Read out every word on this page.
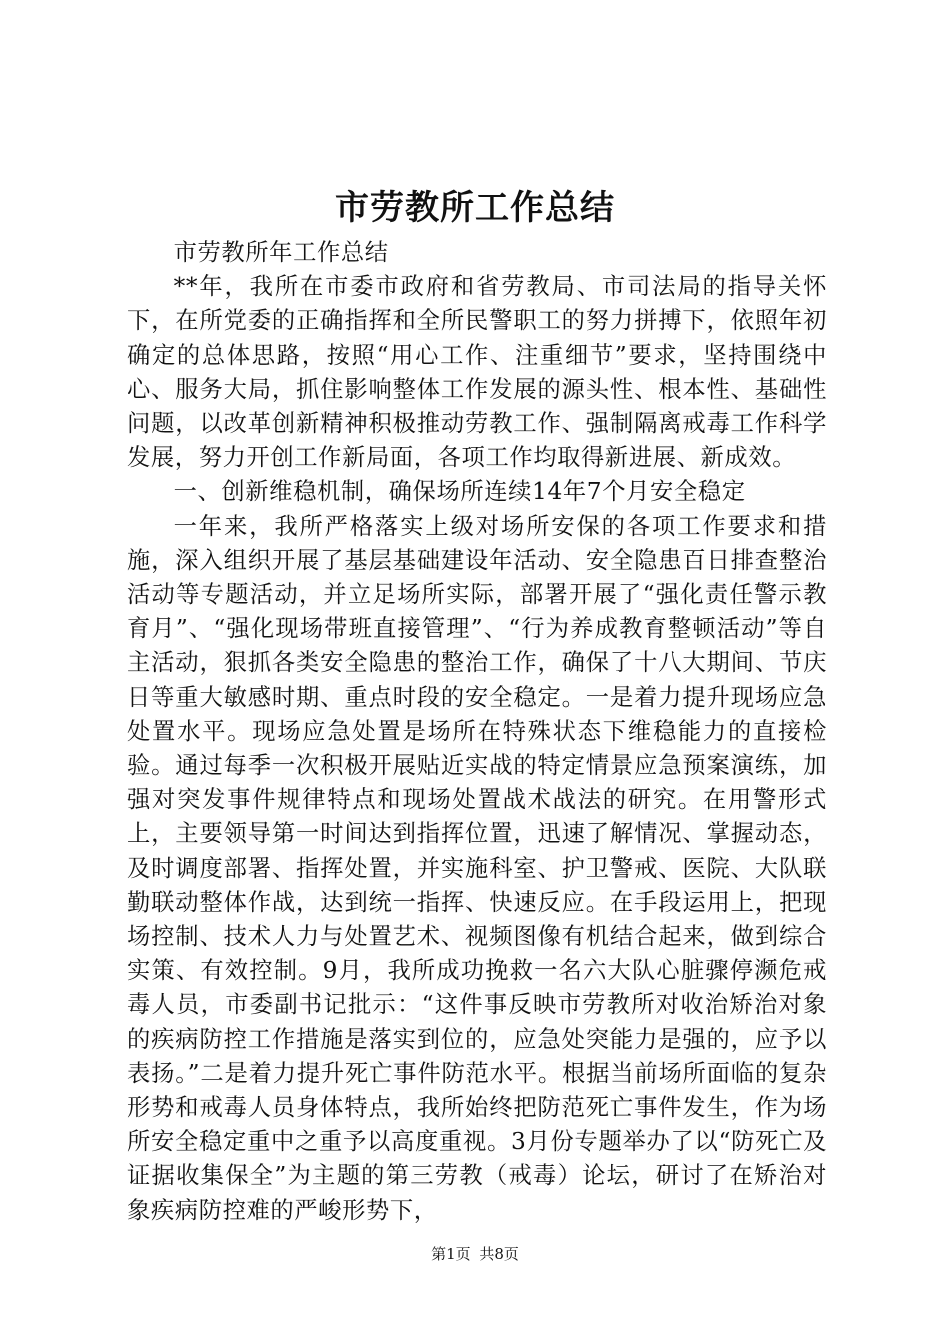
市劳教所工作总结

市劳教所年工作总结

**年，我所在市委市政府和省劳教局、市司法局的指导关怀下，在所党委的正确指挥和全所民警职工的努力拼搏下，依照年初确定的总体思路，按照“用心工作、注重细节”要求，坚持围绕中心、服务大局，抓住影响整体工作发展的源头性、根本性、基础性问题，以改革创新精神积极推动劳教工作、强制隔离戒毒工作科学发展，努力开创工作新局面，各项工作均取得新进展、新成效。

一、创新维稳机制，确保场所连续14年7个月安全稳定

一年来，我所严格落实上级对场所安保的各项工作要求和措施，深入组织开展了基层基础建设年活动、安全隐患百日排查整治活动等专题活动，并立足场所实际，部署开展了“强化责任警示教育月”、“强化现场带班直接管理”、“行为养成教育整顿活动”等自主活动，狠抓各类安全隐患的整治工作，确保了十八大期间、节庆日等重大敏感时期、重点时段的安全稳定。一是着力提升现场应急处置水平。现场应急处置是场所在特殊状态下维稳能力的直接检验。通过每季一次积极开展贴近实战的特定情景应急预案演练，加强对突发事件规律特点和现场处置战术战法的研究。在用警形式上，主要领导第一时间达到指挥位置，迅速了解情况、掌握动态，及时调度部署、指挥处置，并实施科室、护卫警戒、医院、大队联勤联动整体作战，达到统一指挥、快速反应。在手段运用上，把现场控制、技术人力与处置艺术、视频图像有机结合起来，做到综合实策、有效控制。9月，我所成功挽救一名六大队心脏骤停濒危戒毒人员，市委副书记批示：“这件事反映市劳教所对收治矫治对象的疾病防控工作措施是落实到位的，应急处突能力是强的，应予以表扬。”二是着力提升死亡事件防范水平。根据当前场所面临的复杂形势和戒毒人员身体特点，我所始终把防范死亡事件发生，作为场所安全稳定重中之重予以高度重视。3月份专题举办了以“防死亡及证据收集保全”为主题的第三劳教（戒毒）论坛，研讨了在矫治对象疾病防控难的严峻形势下，

第1页 共8页
